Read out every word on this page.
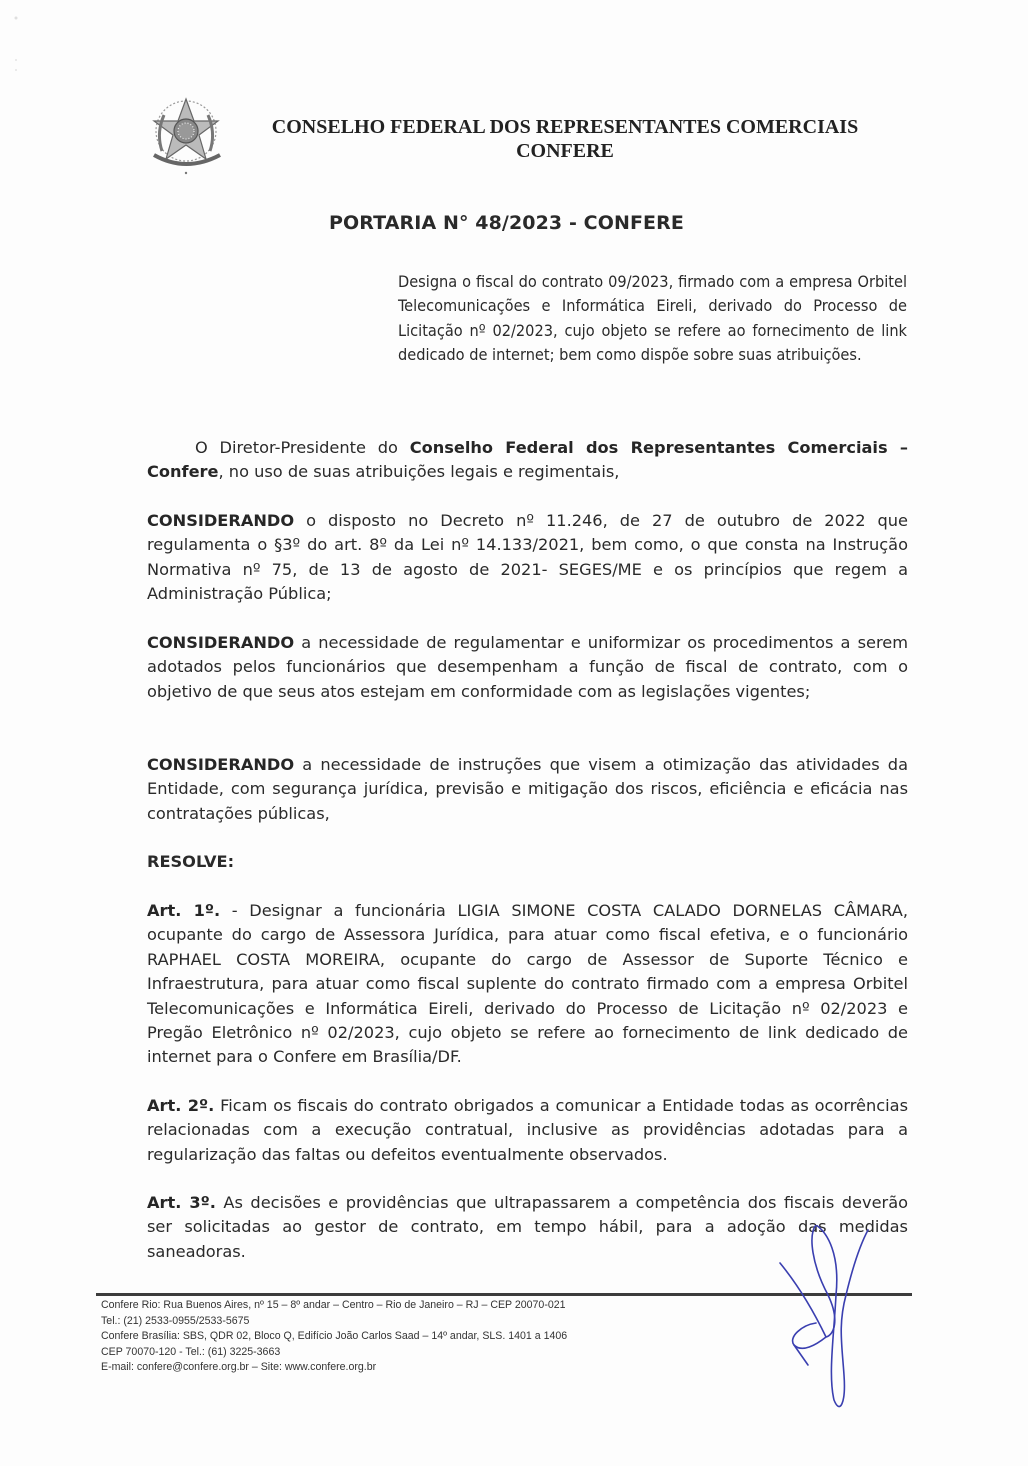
CONSELHO FEDERAL DOS REPRESENTANTES COMERCIAIS
CONFERE
PORTARIA N° 48/2023 - CONFERE
Designa o fiscal do contrato 09/2023, firmado com a empresa Orbitel Telecomunicações e Informática Eireli, derivado do Processo de Licitação nº 02/2023, cujo objeto se refere ao fornecimento de link dedicado de internet; bem como dispõe sobre suas atribuições.
O Diretor-Presidente do Conselho Federal dos Representantes Comerciais – Confere, no uso de suas atribuições legais e regimentais,
CONSIDERANDO o disposto no Decreto nº 11.246, de 27 de outubro de 2022 que regulamenta o §3º do art. 8º da Lei nº 14.133/2021, bem como, o que consta na Instrução Normativa nº 75, de 13 de agosto de 2021- SEGES/ME e os princípios que regem a Administração Pública;
CONSIDERANDO a necessidade de regulamentar e uniformizar os procedimentos a serem adotados pelos funcionários que desempenham a função de fiscal de contrato, com o objetivo de que seus atos estejam em conformidade com as legislações vigentes;
CONSIDERANDO a necessidade de instruções que visem a otimização das atividades da Entidade, com segurança jurídica, previsão e mitigação dos riscos, eficiência e eficácia nas contratações públicas,
RESOLVE:
Art. 1º. - Designar a funcionária LIGIA SIMONE COSTA CALADO DORNELAS CÂMARA, ocupante do cargo de Assessora Jurídica, para atuar como fiscal efetiva, e o funcionário RAPHAEL COSTA MOREIRA, ocupante do cargo de Assessor de Suporte Técnico e Infraestrutura, para atuar como fiscal suplente do contrato firmado com a empresa Orbitel Telecomunicações e Informática Eireli, derivado do Processo de Licitação nº 02/2023 e Pregão Eletrônico nº 02/2023, cujo objeto se refere ao fornecimento de link dedicado de internet para o Confere em Brasília/DF.
Art. 2º. Ficam os fiscais do contrato obrigados a comunicar a Entidade todas as ocorrências relacionadas com a execução contratual, inclusive as providências adotadas para a regularização das faltas ou defeitos eventualmente observados.
Art. 3º. As decisões e providências que ultrapassarem a competência dos fiscais deverão ser solicitadas ao gestor de contrato, em tempo hábil, para a adoção das medidas saneadoras.
Confere Rio: Rua Buenos Aires, nº 15 – 8º andar – Centro – Rio de Janeiro – RJ – CEP 20070-021
Tel.: (21) 2533-0955/2533-5675
Confere Brasília: SBS, QDR 02, Bloco Q, Edifício João Carlos Saad – 14º andar, SLS. 1401 a 1406
CEP 70070-120 - Tel.: (61) 3225-3663
E-mail: confere@confere.org.br – Site: www.confere.org.br
